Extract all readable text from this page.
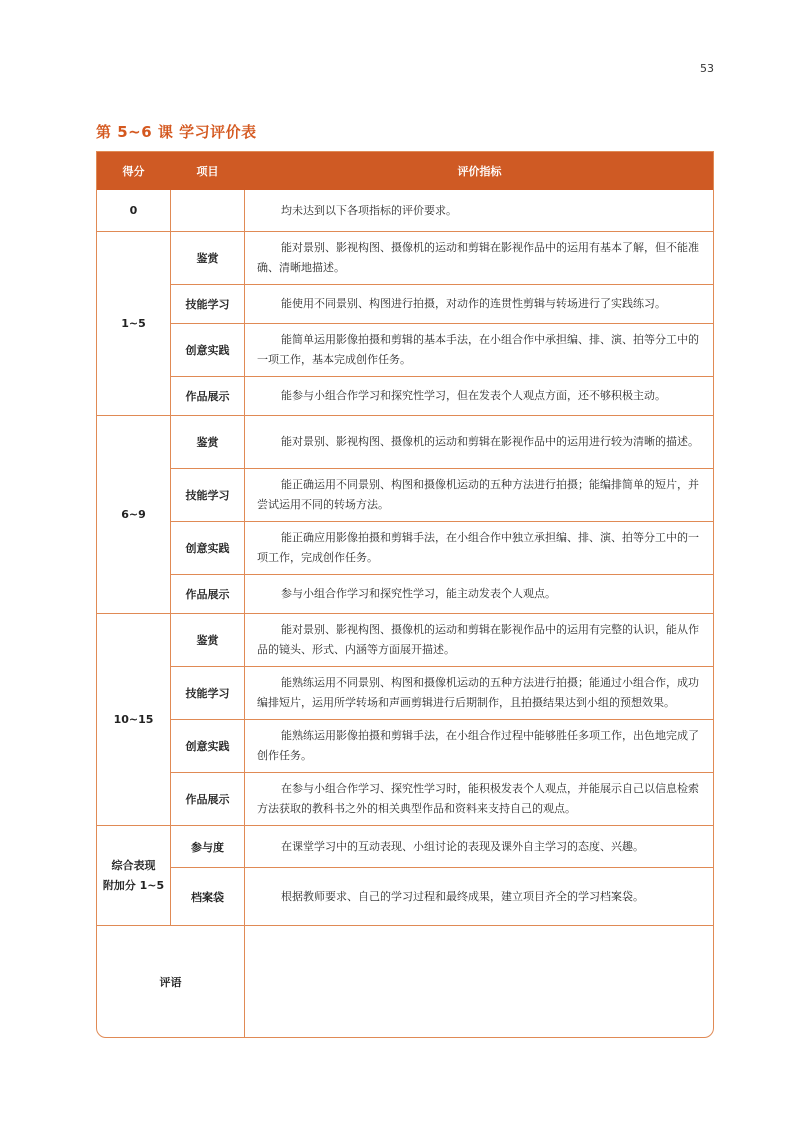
53
第 5~6 课 学习评价表
得分	项目	评价指标
0		均未达到以下各项指标的评价要求。

1~5	鉴赏	能对景别、影视构图、摄像机的运动和剪辑在影视作品中的运用有基本了解，但不能准确、清晰地描述。

	技能学习	能使用不同景别、构图进行拍摄，对动作的连贯性剪辑与转场进行了实践练习。

	创意实践	能简单运用影像拍摄和剪辑的基本手法，在小组合作中承担编、排、演、拍等分工中的一项工作，基本完成创作任务。

	作品展示	能参与小组合作学习和探究性学习，但在发表个人观点方面，还不够积极主动。

6~9	鉴赏	能对景别、影视构图、摄像机的运动和剪辑在影视作品中的运用进行较为清晰的描述。

	技能学习	能正确运用不同景别、构图和摄像机运动的五种方法进行拍摄；能编排简单的短片，并尝试运用不同的转场方法。

	创意实践	能正确应用影像拍摄和剪辑手法，在小组合作中独立承担编、排、演、拍等分工中的一项工作，完成创作任务。

	作品展示	参与小组合作学习和探究性学习，能主动发表个人观点。

10~15	鉴赏	能对景别、影视构图、摄像机的运动和剪辑在影视作品中的运用有完整的认识，能从作品的镜头、形式、内涵等方面展开描述。

	技能学习	能熟练运用不同景别、构图和摄像机运动的五种方法进行拍摄；能通过小组合作，成功编排短片，运用所学转场和声画剪辑进行后期制作，且拍摄结果达到小组的预想效果。

	创意实践	能熟练运用影像拍摄和剪辑手法，在小组合作过程中能够胜任多项工作，出色地完成了创作任务。

	作品展示	在参与小组合作学习、探究性学习时，能积极发表个人观点，并能展示自己以信息检索方法获取的教科书之外的相关典型作品和资料来支持自己的观点。

综合表现
附加分 1~5	参与度	在课堂学习中的互动表现、小组讨论的表现及课外自主学习的态度、兴趣。

	档案袋	根据教师要求、自己的学习过程和最终成果，建立项目齐全的学习档案袋。

评语		
